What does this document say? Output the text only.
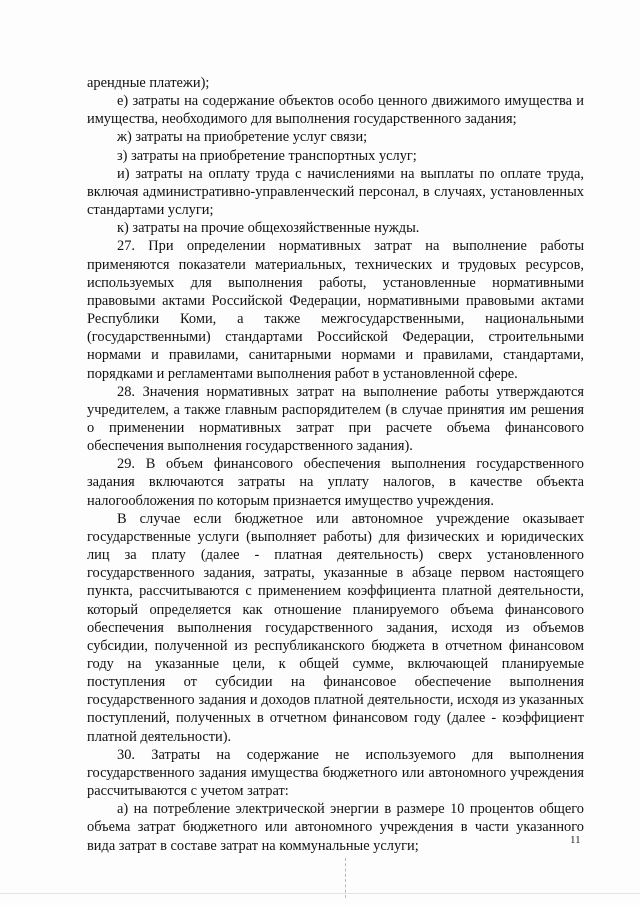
арендные платежи);

е) затраты на содержание объектов особо ценного движимого имущества и имущества, необходимого для выполнения государственного задания;

ж) затраты на приобретение услуг связи;

з) затраты на приобретение транспортных услуг;

и) затраты на оплату труда с начислениями на выплаты по оплате труда, включая административно-управленческий персонал, в случаях, установленных стандартами услуги;

к) затраты на прочие общехозяйственные нужды.

27. При определении нормативных затрат на выполнение работы применяются показатели материальных, технических и трудовых ресурсов, используемых для выполнения работы, установленные нормативными правовыми актами Российской Федерации, нормативными правовыми актами Республики Коми, а также межгосударственными, национальными (государственными) стандартами Российской Федерации, строительными нормами и правилами, санитарными нормами и правилами, стандартами, порядками и регламентами выполнения работ в установленной сфере.

28. Значения нормативных затрат на выполнение работы утверждаются учредителем, а также главным распорядителем (в случае принятия им решения о применении нормативных затрат при расчете объема финансового обеспечения выполнения государственного задания).

29. В объем финансового обеспечения выполнения государственного задания включаются затраты на уплату налогов, в качестве объекта налогообложения по которым признается имущество учреждения.

В случае если бюджетное или автономное учреждение оказывает государственные услуги (выполняет работы) для физических и юридических лиц за плату (далее - платная деятельность) сверх установленного государственного задания, затраты, указанные в абзаце первом настоящего пункта, рассчитываются с применением коэффициента платной деятельности, который определяется как отношение планируемого объема финансового обеспечения выполнения государственного задания, исходя из объемов субсидии, полученной из республиканского бюджета в отчетном финансовом году на указанные цели, к общей сумме, включающей планируемые поступления от субсидии на финансовое обеспечение выполнения государственного задания и доходов платной деятельности, исходя из указанных поступлений, полученных в отчетном финансовом году (далее - коэффициент платной деятельности).

30. Затраты на содержание не используемого для выполнения государственного задания имущества бюджетного или автономного учреждения рассчитываются с учетом затрат:

а) на потребление электрической энергии в размере 10 процентов общего объема затрат бюджетного или автономного учреждения в части указанного вида затрат в составе затрат на коммунальные услуги;	11
